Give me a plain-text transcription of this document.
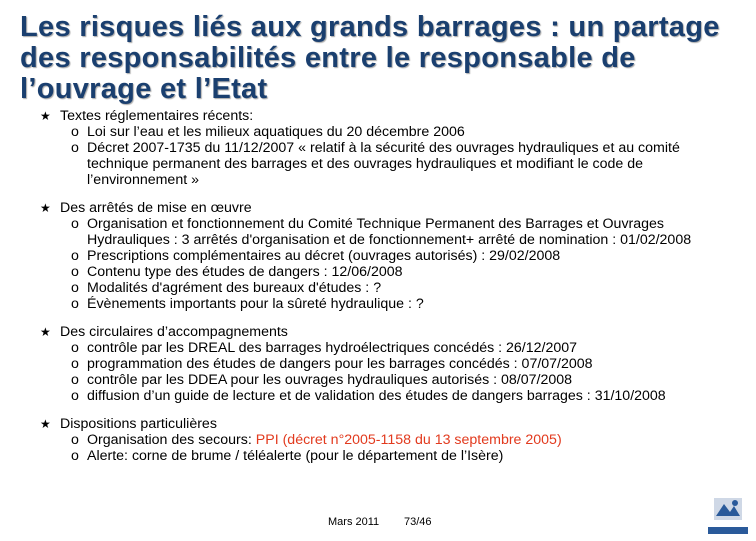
Les risques liés aux grands barrages : un partage des responsabilités entre le responsable de l’ouvrage et l’Etat
★ Textes réglementaires récents:
o Loi sur l’eau et les milieux aquatiques du 20 décembre 2006
o Décret 2007-1735 du 11/12/2007 « relatif à la sécurité des ouvrages hydrauliques et au comité technique permanent des barrages et des ouvrages hydrauliques et modifiant le code de l’environnement »
★ Des arrêtés de mise en œuvre
o Organisation et fonctionnement du Comité Technique Permanent des Barrages et Ouvrages Hydrauliques : 3 arrêtés d'organisation et de fonctionnement+ arrêté de nomination : 01/02/2008
o Prescriptions complémentaires au décret (ouvrages autorisés) : 29/02/2008
o Contenu type des études de dangers : 12/06/2008
o Modalités d'agrément des bureaux d'études : ?
o Évènements importants pour la sûreté hydraulique : ?
★ Des circulaires d’accompagnements
o contrôle par les DREAL des barrages hydroélectriques concédés : 26/12/2007
o programmation des études de dangers pour les barrages concédés : 07/07/2008
o contrôle par les DDEA pour les ouvrages hydrauliques autorisés : 08/07/2008
o diffusion d’un guide de lecture et de validation des études de dangers barrages : 31/10/2008
★ Dispositions particulières
o Organisation des secours: PPI (décret n°2005-1158 du 13 septembre 2005)
o Alerte: corne de brume / téléalerte (pour le département de l’Isère)
Mars 2011 73/46
